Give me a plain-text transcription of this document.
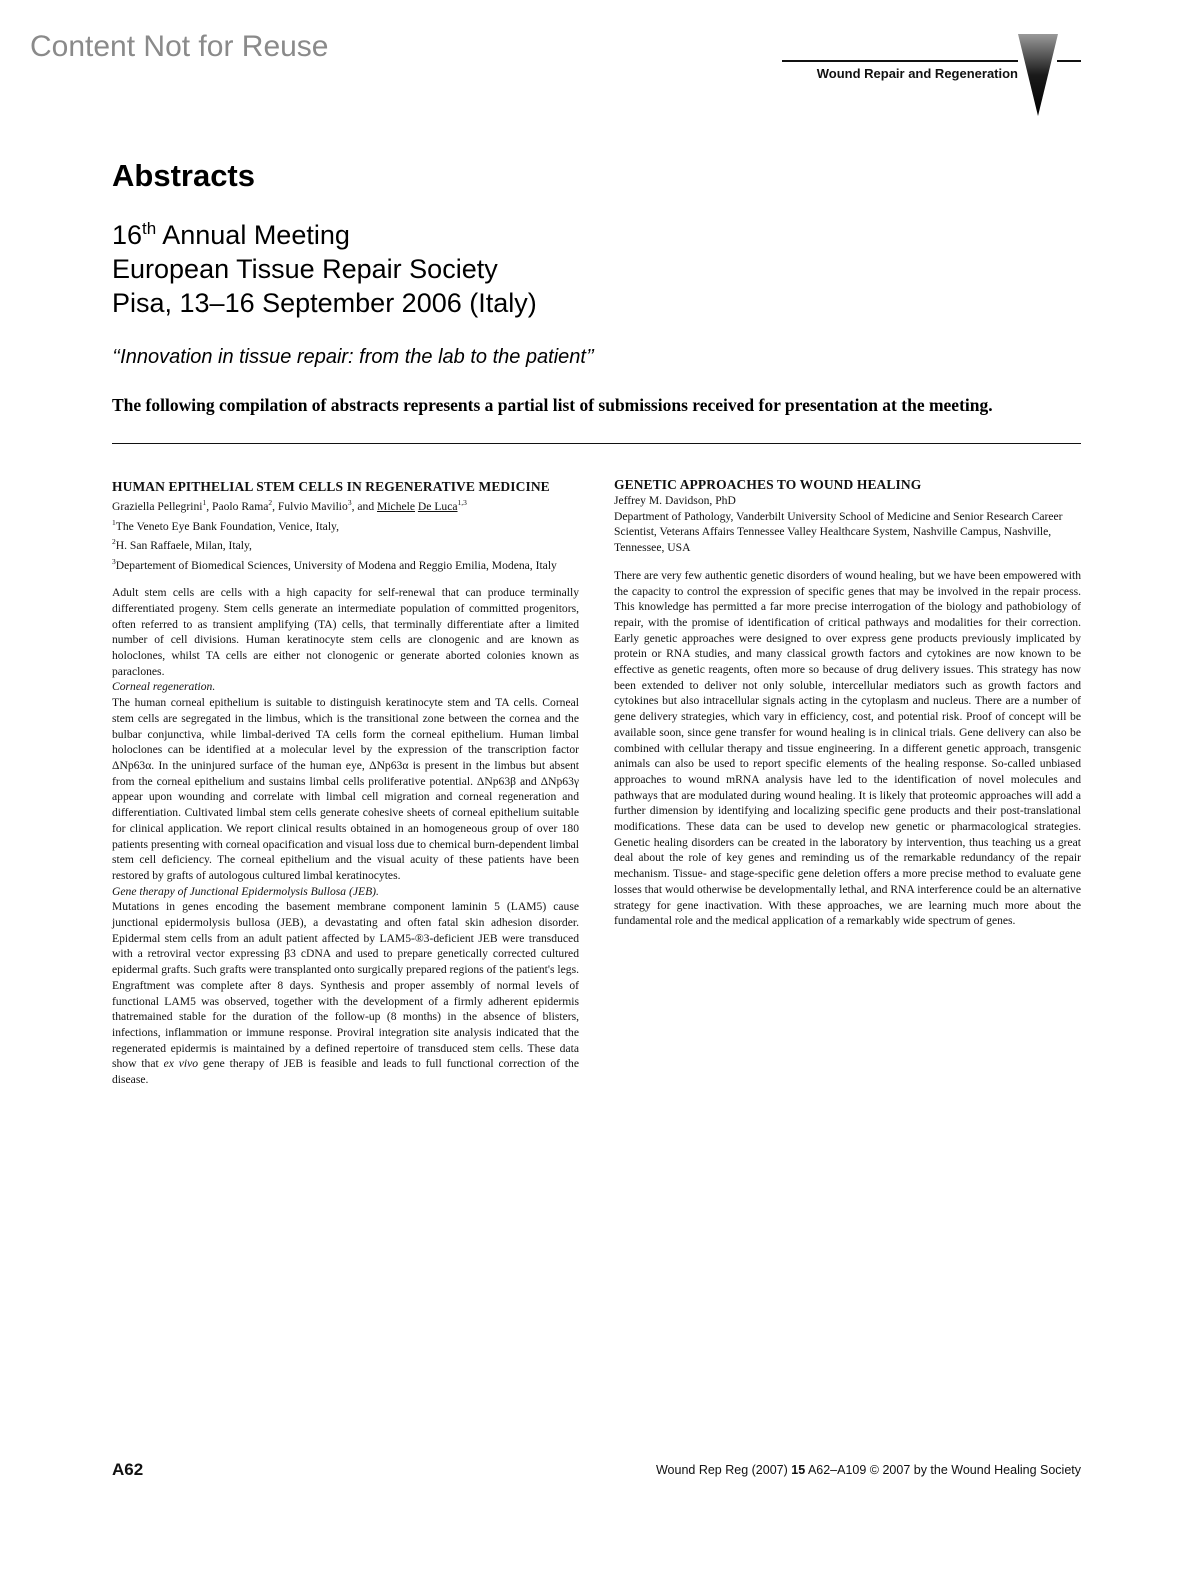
Content Not for Reuse
Wound Repair and Regeneration
Abstracts
16th Annual Meeting
European Tissue Repair Society
Pisa, 13–16 September 2006 (Italy)
‘‘Innovation in tissue repair: from the lab to the patient’’
The following compilation of abstracts represents a partial list of submissions received for presentation at the meeting.
HUMAN EPITHELIAL STEM CELLS IN REGENERATIVE MEDICINE

Graziella Pellegrini$^1$, Paolo Rama$^2$, Fulvio Mavilio$^3$, and Michele De Luca$^{1,3}$

$^1$The Veneto Eye Bank Foundation, Venice, Italy,

$^2$H. San Raffaele, Milan, Italy,

$^3$Departement of Biomedical Sciences, University of Modena and Reggio Emilia, Modena, Italy

Adult stem cells are cells with a high capacity for self-renewal that can produce terminally differentiated progeny. Stem cells generate an intermediate population of committed progenitors, often referred to as transient amplifying (TA) cells, that terminally differentiate after a limited number of cell divisions. Human keratinocyte stem cells are clonogenic and are known as holoclones, whilst TA cells are either not clonogenic or generate aborted colonies known as paraclones.

Corneal regeneration.

The human corneal epithelium is suitable to distinguish keratinocyte stem and TA cells. Corneal stem cells are segregated in the limbus, which is the transitional zone between the cornea and the bulbar conjunctiva, while limbal-derived TA cells form the corneal epithelium. Human limbal holoclones can be identified at a molecular level by the expression of the transcription factor ΔNp63α. In the uninjured surface of the human eye, ΔNp63α is present in the limbus but absent from the corneal epithelium and sustains limbal cells proliferative potential. ΔNp63β and ΔNp63γ appear upon wounding and correlate with limbal cell migration and corneal regeneration and differentiation. Cultivated limbal stem cells generate cohesive sheets of corneal epithelium suitable for clinical application. We report clinical results obtained in an homogeneous group of over 180 patients presenting with corneal opacification and visual loss due to chemical burn-dependent limbal stem cell deficiency. The corneal epithelium and the visual acuity of these patients have been restored by grafts of autologous cultured limbal keratinocytes.

Gene therapy of Junctional Epidermolysis Bullosa (JEB).

Mutations in genes encoding the basement membrane component laminin 5 (LAM5) cause junctional epidermolysis bullosa (JEB), a devastating and often fatal skin adhesion disorder. Epidermal stem cells from an adult patient affected by LAM5-®3-deficient JEB were transduced with a retroviral vector expressing β3 cDNA and used to prepare genetically corrected cultured epidermal grafts. Such grafts were transplanted onto surgically prepared regions of the patient's legs. Engraftment was complete after 8 days. Synthesis and proper assembly of normal levels of functional LAM5 was observed, together with the development of a firmly adherent epidermis thatremained stable for the duration of the follow-up (8 months) in the absence of blisters, infections, inflammation or immune response. Proviral integration site analysis indicated that the regenerated epidermis is maintained by a defined repertoire of transduced stem cells. These data show that ex vivo gene therapy of JEB is feasible and leads to full functional correction of the disease.

GENETIC APPROACHES TO WOUND HEALING

Jeffrey M. Davidson, PhD

Department of Pathology, Vanderbilt University School of Medicine and Senior Research Career Scientist, Veterans Affairs Tennessee Valley Healthcare System, Nashville Campus, Nashville, Tennessee, USA

There are very few authentic genetic disorders of wound healing, but we have been empowered with the capacity to control the expression of specific genes that may be involved in the repair process. This knowledge has permitted a far more precise interrogation of the biology and pathobiology of repair, with the promise of identification of critical pathways and modalities for their correction. Early genetic approaches were designed to over express gene products previously implicated by protein or RNA studies, and many classical growth factors and cytokines are now known to be effective as genetic reagents, often more so because of drug delivery issues. This strategy has now been extended to deliver not only soluble, intercellular mediators such as growth factors and cytokines but also intracellular signals acting in the cytoplasm and nucleus. There are a number of gene delivery strategies, which vary in efficiency, cost, and potential risk. Proof of concept will be available soon, since gene transfer for wound healing is in clinical trials. Gene delivery can also be combined with cellular therapy and tissue engineering. In a different genetic approach, transgenic animals can also be used to report specific elements of the healing response. So-called unbiased approaches to wound mRNA analysis have led to the identification of novel molecules and pathways that are modulated during wound healing. It is likely that proteomic approaches will add a further dimension by identifying and localizing specific gene products and their post-translational modifications. These data can be used to develop new genetic or pharmacological strategies. Genetic healing disorders can be created in the laboratory by intervention, thus teaching us a great deal about the role of key genes and reminding us of the remarkable redundancy of the repair mechanism. Tissue- and stage-specific gene deletion offers a more precise method to evaluate gene losses that would otherwise be developmentally lethal, and RNA interference could be an alternative strategy for gene inactivation. With these approaches, we are learning much more about the fundamental role and the medical application of a remarkably wide spectrum of genes.

A62	Wound Rep Reg (2007) 15 A62–A109 © 2007 by the Wound Healing Society
